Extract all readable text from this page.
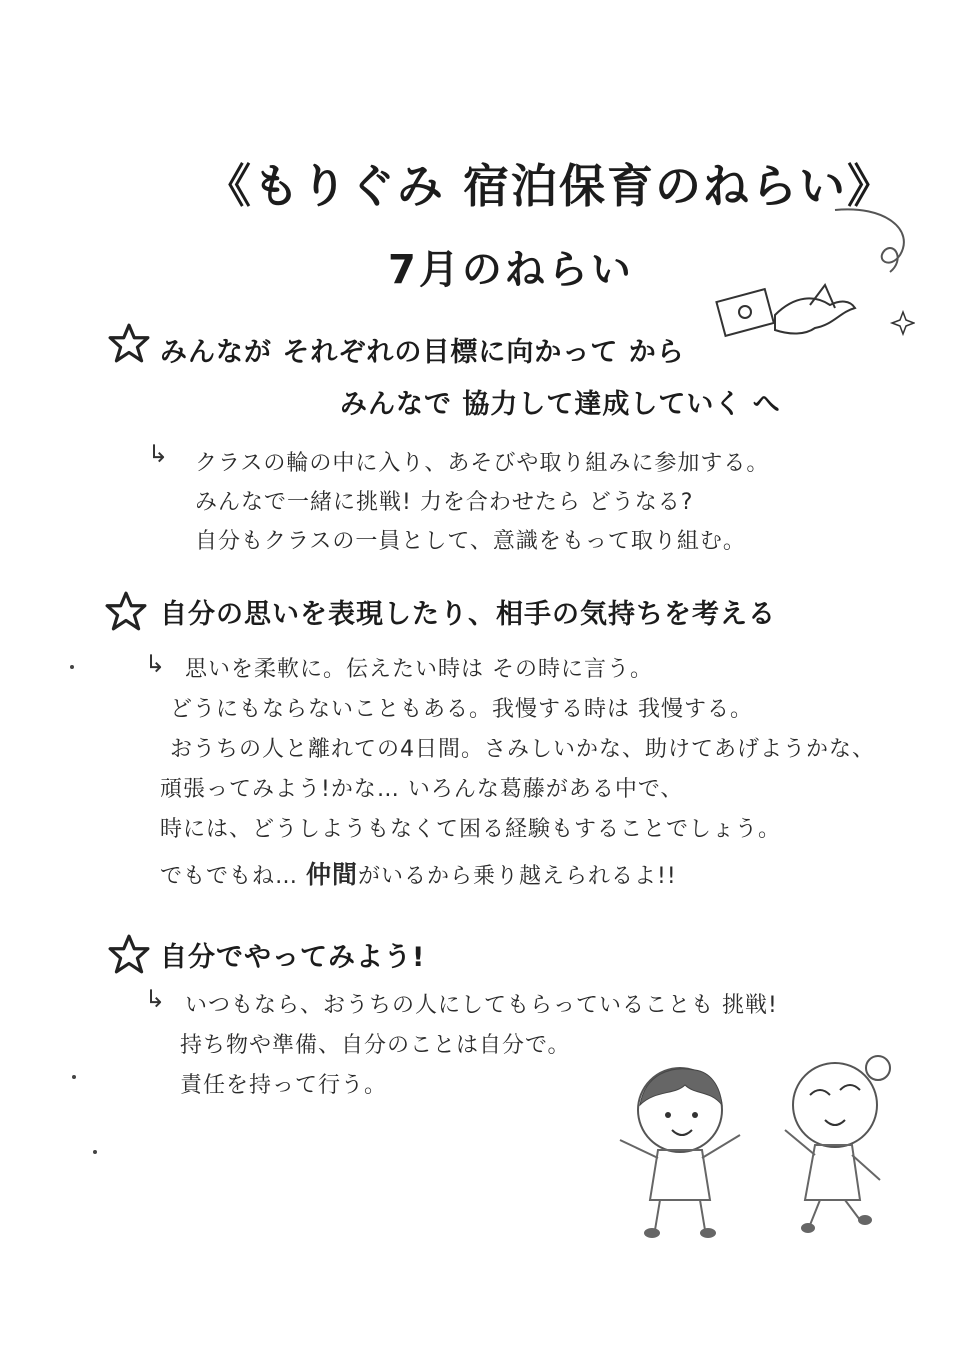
《もりぐみ 宿泊保育のねらい》
7月のねらい
みんなが それぞれの目標に向かって から
みんなで 協力して達成していく へ
↳ クラスの輪の中に入り、あそびや取り組みに参加する。
みんなで一緒に挑戦! 力を合わせたら どうなる?
自分もクラスの一員として、意識をもって取り組む。
自分の思いを表現したり、相手の気持ちを考える
↳ 思いを柔軟に。伝えたい時は その時に言う。
どうにもならないこともある。我慢する時は 我慢する。
おうちの人と離れての4日間。さみしいかな、助けてあげようかな、
頑張ってみよう!かな… いろんな葛藤がある中で、
時には、どうしようもなくて困る経験もすることでしょう。
でもでもね… 仲間がいるから乗り越えられるよ!!
自分でやってみよう!
↳ いつもなら、おうちの人にしてもらっていることも 挑戦!
持ち物や準備、自分のことは自分で。
責任を持って行う。
